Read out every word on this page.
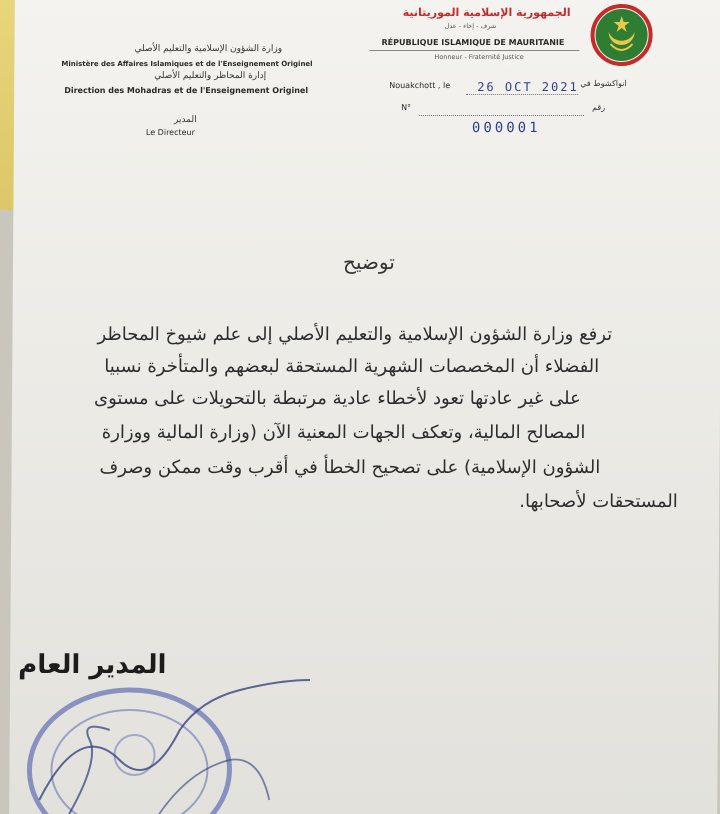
الجمهورية الإسلامية الموريتانية
شرف - إخاء - عدل
RÉPUBLIQUE ISLAMIQUE DE MAURITANIE
Honneur - Fraternité Justice
وزارة الشؤون الإسلامية والتعليم الأصلي
Ministère des Affaires Islamiques et de l'Enseignement Originel
إدارة المحاظر والتعليم الأصلي
Direction des Mohadras et de l'Enseignement Originel
المدير
Le Directeur
Nouakchott , le 26 OCT 2021 انواكشوط في
N°	رقم
000001
توضيح
ترفع وزارة الشؤون الإسلامية والتعليم الأصلي إلى علم شيوخ المحاظر
الفضلاء أن المخصصات الشهرية المستحقة لبعضهم والمتأخرة نسبيا
على غير عادتها تعود لأخطاء عادية مرتبطة بالتحويلات على مستوى
المصالح المالية، وتعكف الجهات المعنية الآن (وزارة المالية ووزارة
الشؤون الإسلامية) على تصحيح الخطأ في أقرب وقت ممكن وصرف
المستحقات لأصحابها.
المدير العام
